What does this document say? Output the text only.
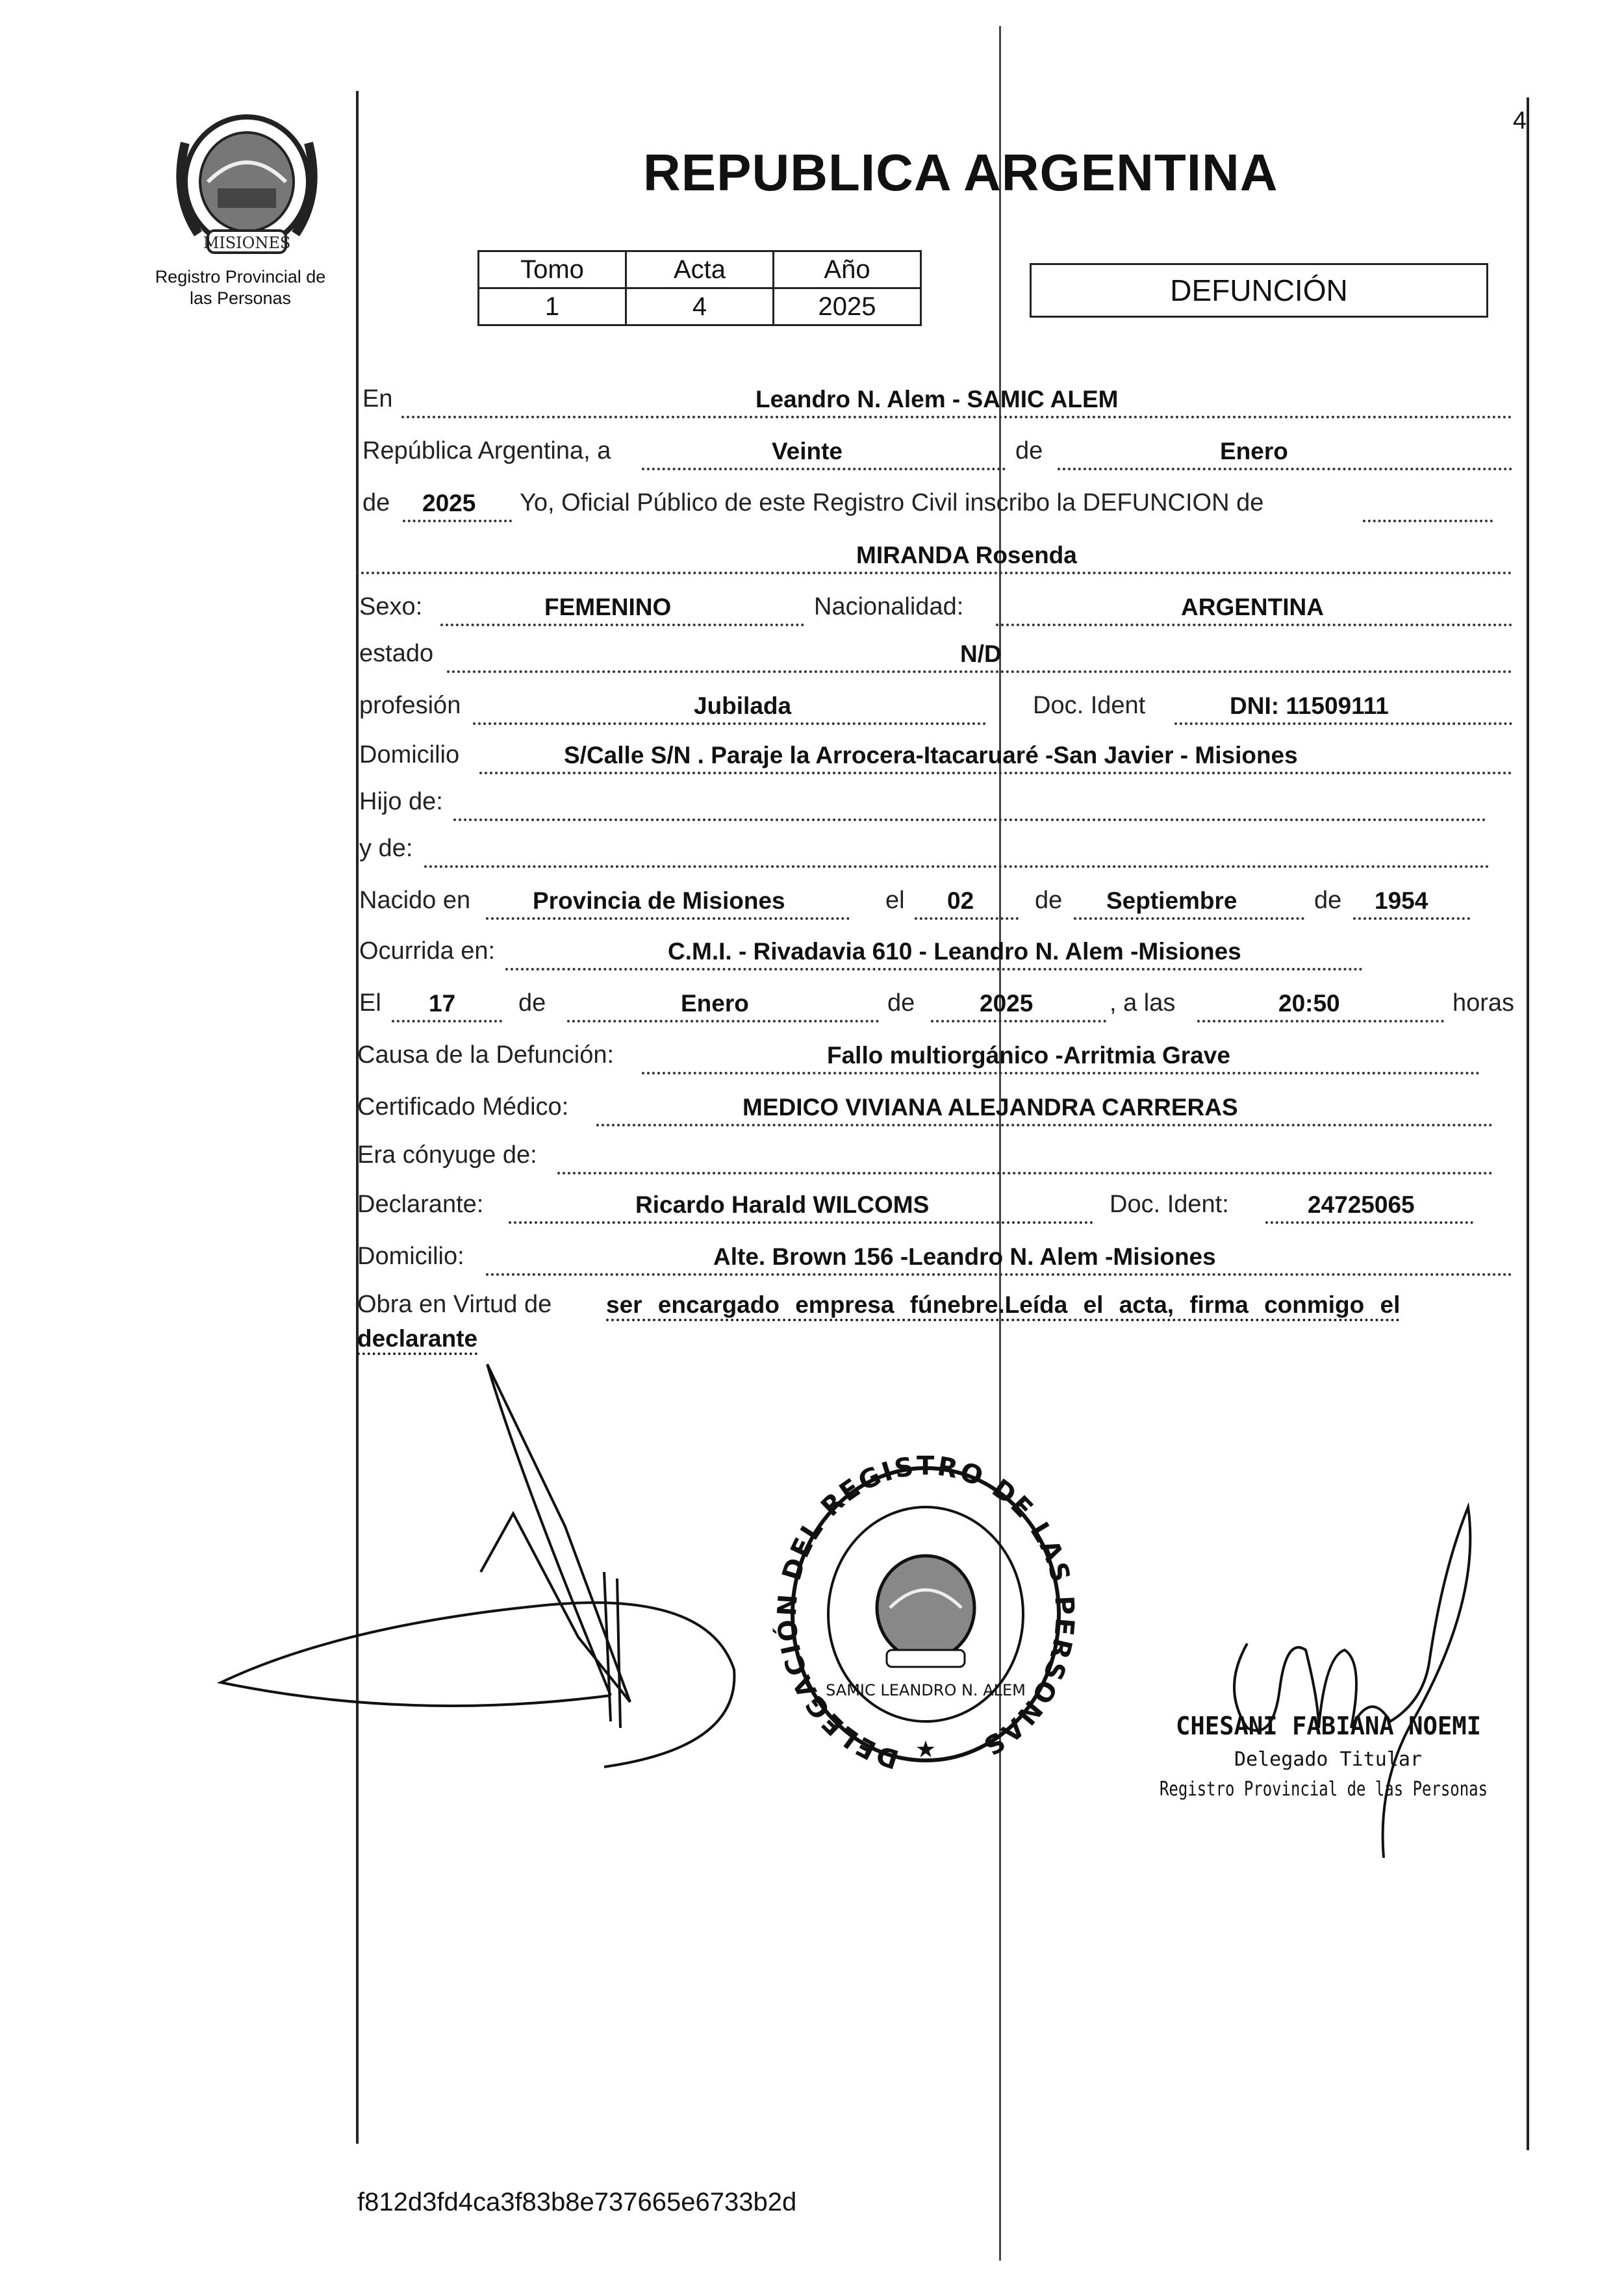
MISIONES
Registro Provincial de
las Personas
REPUBLICA ARGENTINA
4
Tomo	Acta	Año
1	4	2025	DEFUNCIÓN
En	Leandro N. Alem - SAMIC ALEM
República Argentina, a	Veinte	de	Enero
de 2025 Yo, Oficial Público de este Registro Civil inscribo la DEFUNCION de
MIRANDA Rosenda
Sexo:	FEMENINO	Nacionalidad:	ARGENTINA
estado	N/D
profesión	Jubilada	Doc. Ident	DNI: 11509111
Domicilio	S/Calle S/N . Paraje la Arrocera-Itacaruaré -San Javier - Misiones
Hijo de:
y de:
Nacido en	Provincia de Misiones	el 02 de Septiembre	de 1954
Ocurrida en:	C.M.I. - Rivadavia 610 - Leandro N. Alem -Misiones
El 17	de	Enero	de	2025	, a las	20:50	horas
Causa de la Defunción:	Fallo multiorgánico -Arritmia Grave
Certificado Médico:	MEDICO VIVIANA ALEJANDRA CARRERAS
Era cónyuge de:
Declarante:	Ricardo Harald WILCOMS	Doc. Ident:	24725065
Domicilio:	Alte. Brown 156 -Leandro N. Alem -Misiones
Obra en Virtud de ser encargado empresa fúnebre.Leída el acta, firma conmigo el
declarante
DELEGACIÓN DEL REGISTRO DE LAS PERSONAS
SAMIC LEANDRO N. ALEM
★
CHESANI FABIANA NOEMI
Delegado Titular
Registro Provincial de las Personas
f812d3fd4ca3f83b8e737665e6733b2d
